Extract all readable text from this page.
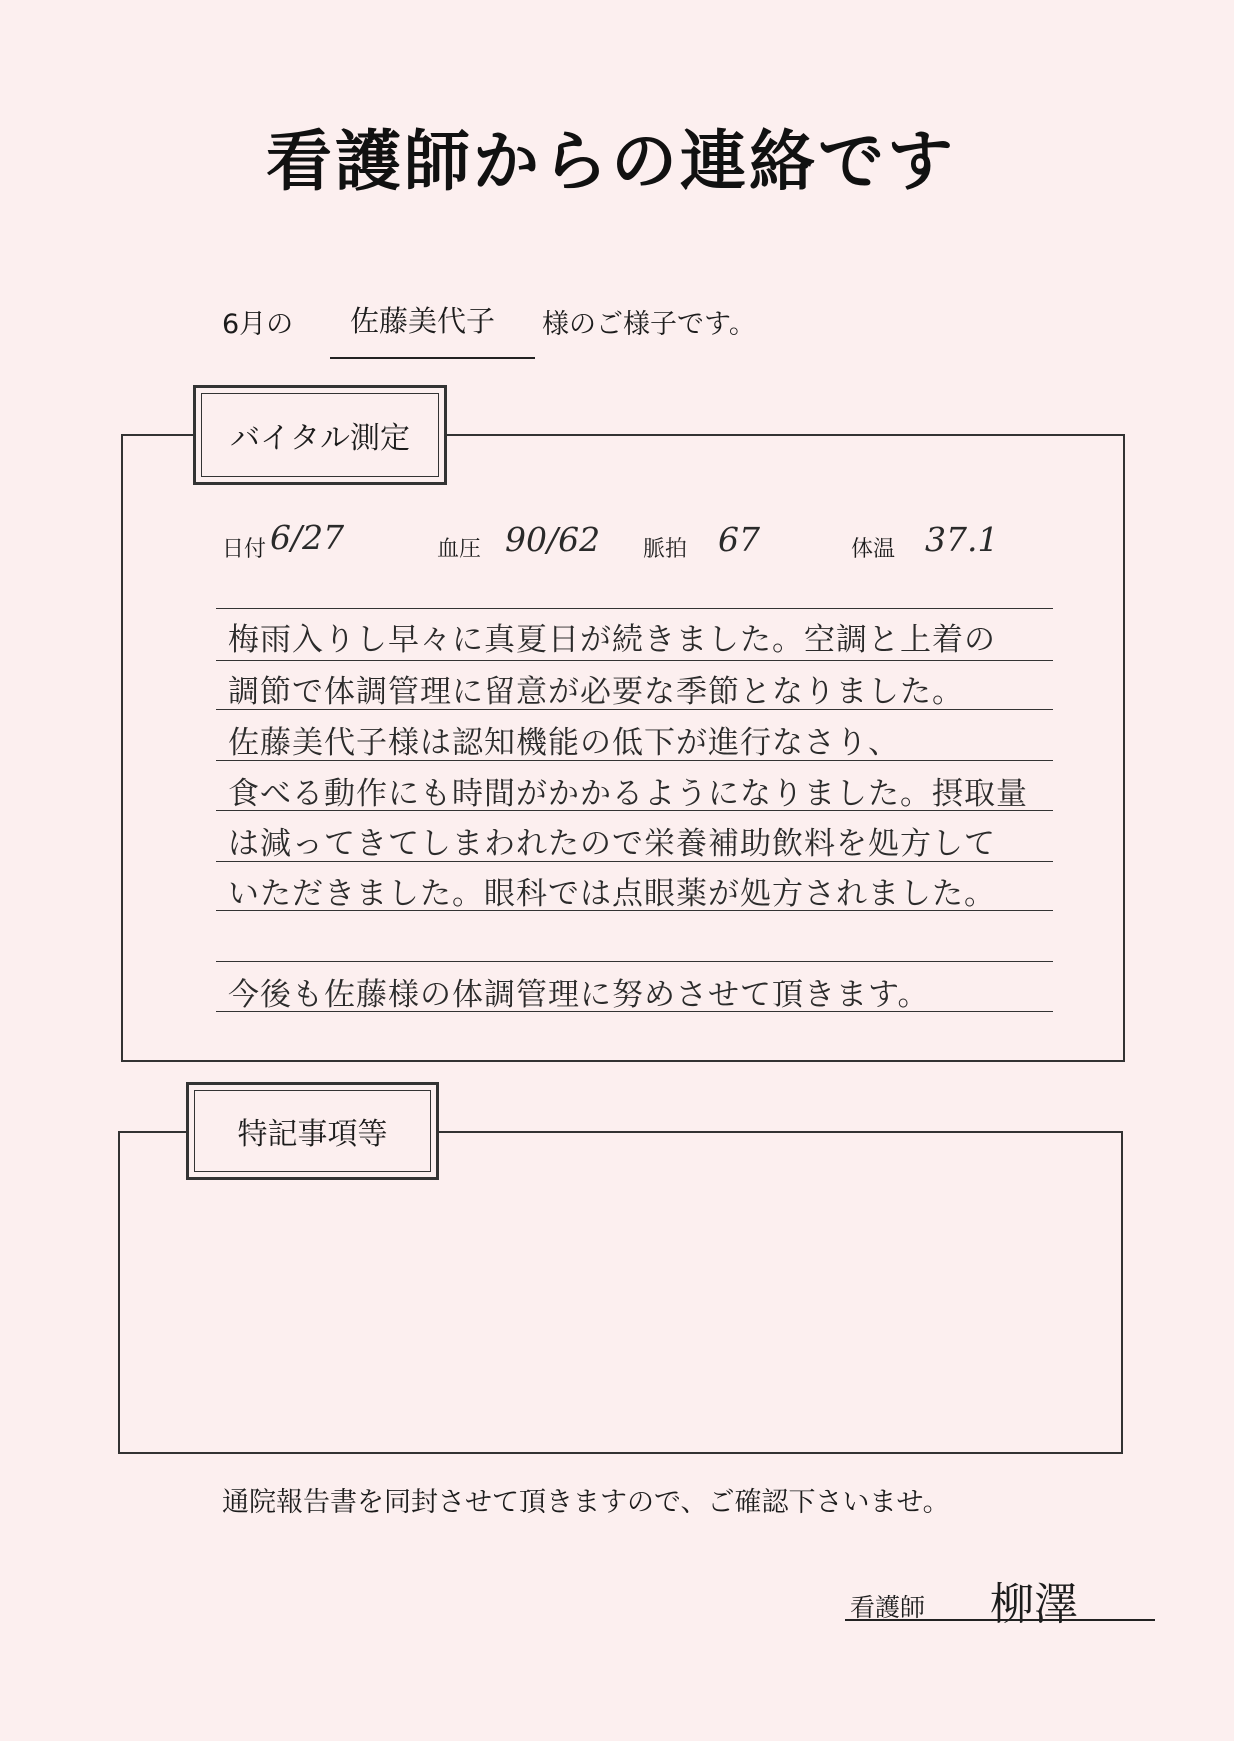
看護師からの連絡です
6月の 佐藤美代子 様のご様子です。
バイタル測定
日付 6/27	血圧 90/62 脈拍 67	体温 37.1
梅雨入りし早々に真夏日が続きました。空調と上着の
調節で体調管理に留意が必要な季節となりました。
佐藤美代子様は認知機能の低下が進行なさり、
食べる動作にも時間がかかるようになりました。摂取量
は減ってきてしまわれたので栄養補助飲料を処方して
いただきました。眼科では点眼薬が処方されました。
今後も佐藤様の体調管理に努めさせて頂きます。
特記事項等
通院報告書を同封させて頂きますので、ご確認下さいませ。
看護師 柳澤
